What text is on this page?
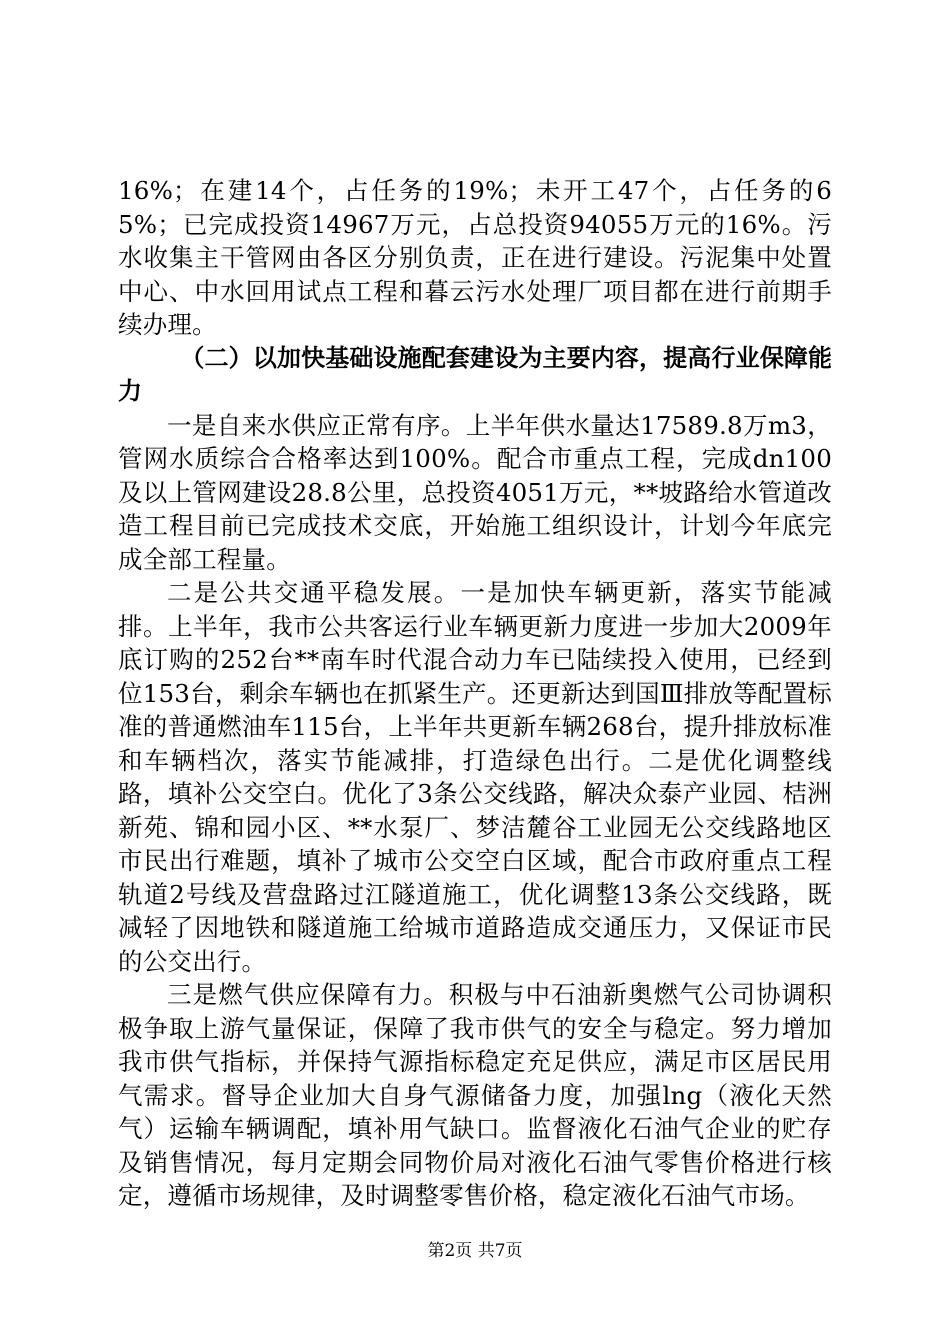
16%；在建14个，占任务的19%；未开工47个，占任务的65%；已完成投资14967万元，占总投资94055万元的16%。污水收集主干管网由各区分别负责，正在进行建设。污泥集中处置中心、中水回用试点工程和暮云污水处理厂项目都在进行前期手续办理。

（二）以加快基础设施配套建设为主要内容，提高行业保障能力

一是自来水供应正常有序。上半年供水量达17589.8万m3，管网水质综合合格率达到100%。配合市重点工程，完成dn100及以上管网建设28.8公里，总投资4051万元，**坡路给水管道改造工程目前已完成技术交底，开始施工组织设计，计划今年底完成全部工程量。

二是公共交通平稳发展。一是加快车辆更新，落实节能减排。上半年，我市公共客运行业车辆更新力度进一步加大2009年底订购的252台**南车时代混合动力车已陆续投入使用，已经到位153台，剩余车辆也在抓紧生产。还更新达到国Ⅲ排放等配置标准的普通燃油车115台，上半年共更新车辆268台，提升排放标准和车辆档次，落实节能减排，打造绿色出行。二是优化调整线路，填补公交空白。优化了3条公交线路，解决众泰产业园、桔洲新苑、锦和园小区、**水泵厂、梦洁麓谷工业园无公交线路地区市民出行难题，填补了城市公交空白区域，配合市政府重点工程轨道2号线及营盘路过江隧道施工，优化调整13条公交线路，既减轻了因地铁和隧道施工给城市道路造成交通压力，又保证市民的公交出行。

三是燃气供应保障有力。积极与中石油新奥燃气公司协调积极争取上游气量保证，保障了我市供气的安全与稳定。努力增加我市供气指标，并保持气源指标稳定充足供应，满足市区居民用气需求。督导企业加大自身气源储备力度，加强lng（液化天然气）运输车辆调配，填补用气缺口。监督液化石油气企业的贮存及销售情况，每月定期会同物价局对液化石油气零售价格进行核定，遵循市场规律，及时调整零售价格，稳定液化石油气市场。

第2页 共7页
